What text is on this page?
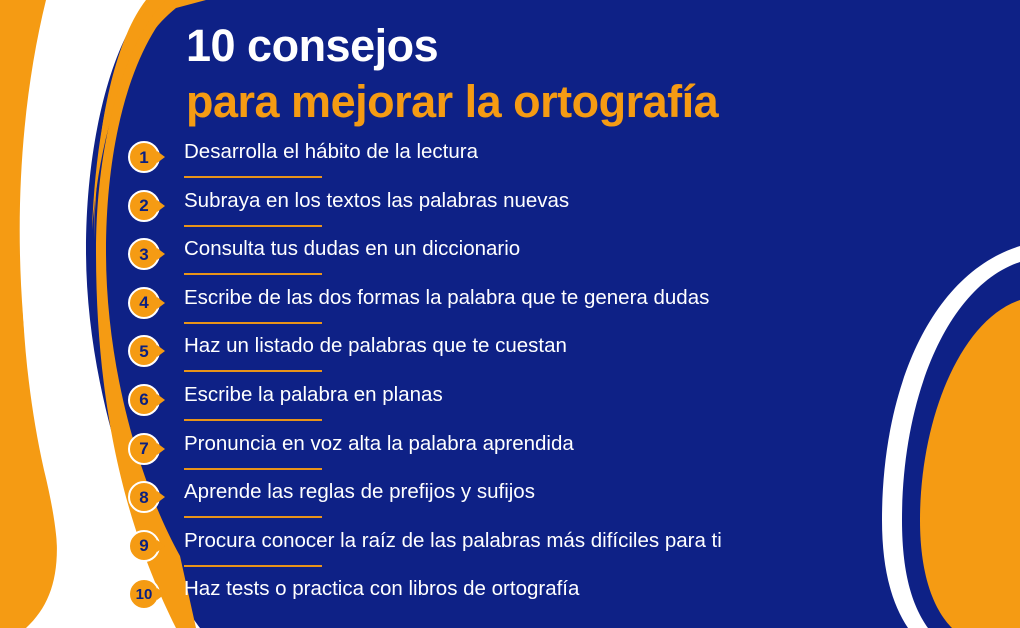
10 consejos
para mejorar la ortografía
1	Desarrolla el hábito de la lectura
2	Subraya en los textos las palabras nuevas
3	Consulta tus dudas en un diccionario
4	Escribe de las dos formas la palabra que te genera dudas
5	Haz un listado de palabras que te cuestan
6	Escribe la palabra en planas
7	Pronuncia en voz alta la palabra aprendida
8	Aprende las reglas de prefijos y sufijos
9	Procura conocer la raíz de las palabras más difíciles para ti
10	Haz tests o practica con libros de ortografía
